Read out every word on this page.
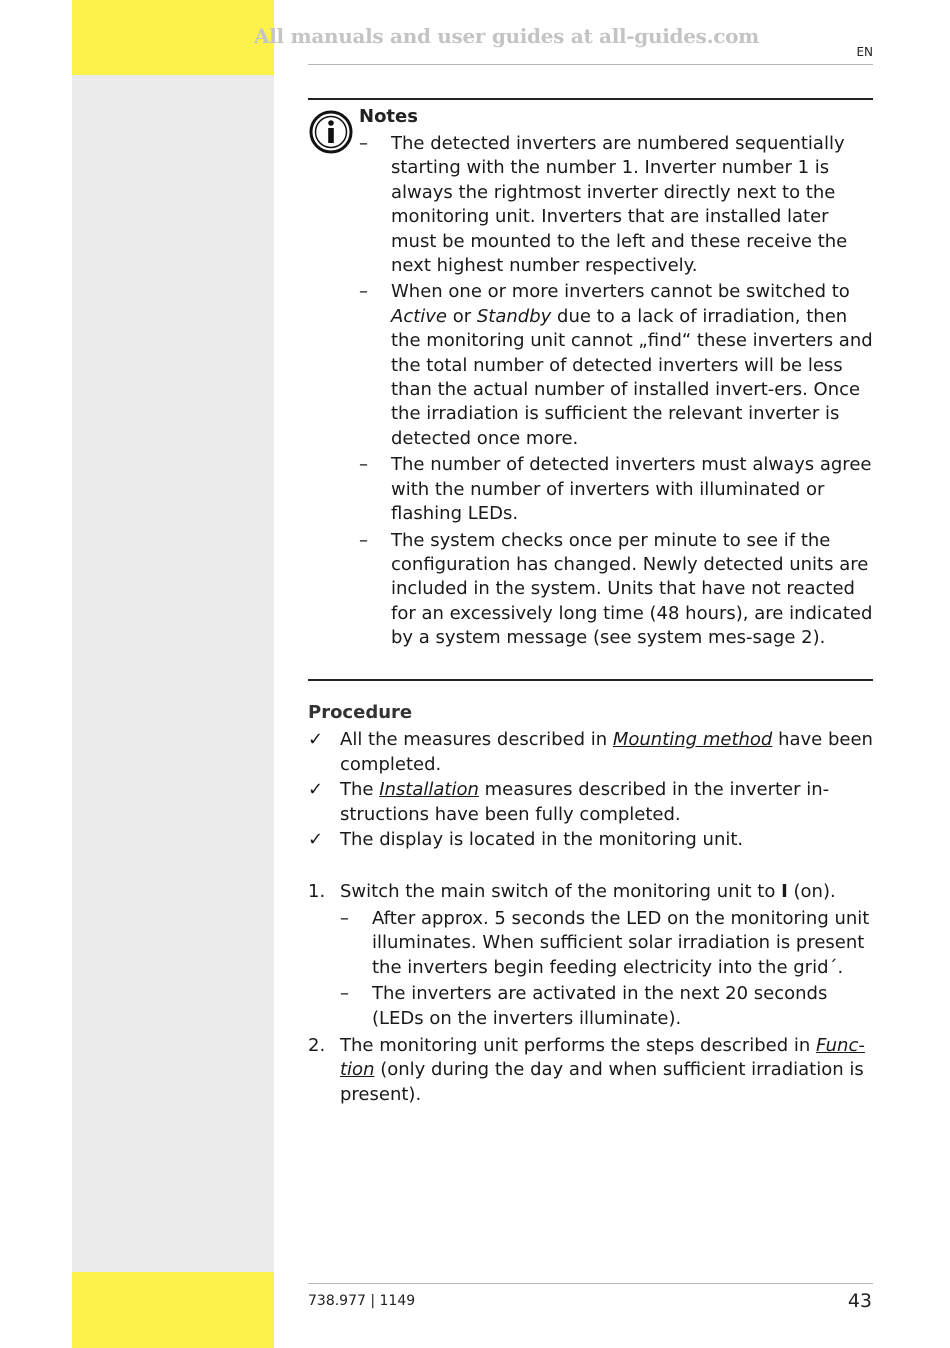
All manuals and user guides at all-guides.com
EN
Notes
– The detected inverters are numbered sequentially starting with the number 1. Inverter number 1 is always the rightmost inverter directly next to the monitoring unit. Inverters that are installed later must be mounted to the left and these receive the next highest number respectively.
– When one or more inverters cannot be switched to Active or Standby due to a lack of irradiation, then the monitoring unit cannot „find“ these inverters and the total number of detected inverters will be less than the actual number of installed invert-ers. Once the irradiation is sufficient the relevant inverter is detected once more.
– The number of detected inverters must always agree with the number of inverters with illuminated or flashing LEDs.
– The system checks once per minute to see if the configuration has changed. Newly detected units are included in the system. Units that have not reacted for an excessively long time (48 hours), are indicated by a system message (see system mes-sage 2).
Procedure
✓ All the measures described in Mounting method have been completed.
✓ The Installation measures described in the inverter in-structions have been fully completed.
✓ The display is located in the monitoring unit.
1. Switch the main switch of the monitoring unit to I (on).
– After approx. 5 seconds the LED on the monitoring unit illuminates. When sufficient solar irradiation is present the inverters begin feeding electricity into the grid´.
– The inverters are activated in the next 20 seconds (LEDs on the inverters illuminate).
2. The monitoring unit performs the steps described in Func-tion (only during the day and when sufficient irradiation is present).
738.977 | 1149	43
